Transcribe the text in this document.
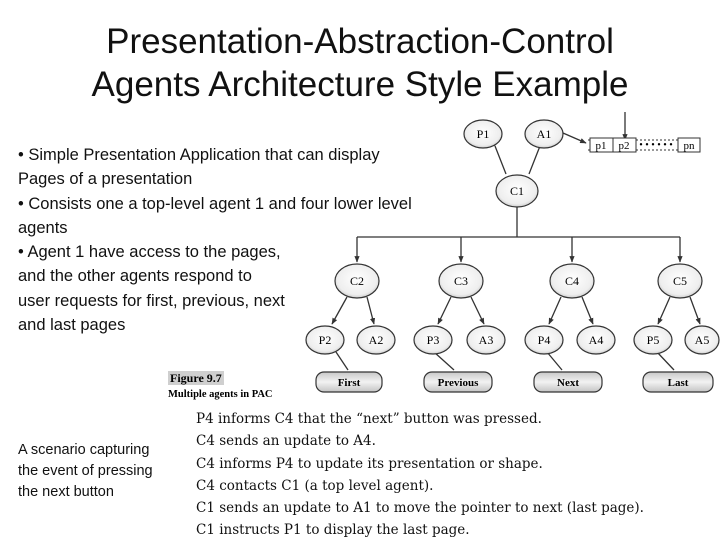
Presentation-Abstraction-Control
Agents Architecture Style Example
• Simple Presentation Application that can display
Pages of a presentation
• Consists one a top-level agent 1 and four lower level
agents
• Agent 1 have access to the pages,
and the other agents respond to
user requests for first, previous, next
and last pages
P1	A1
C1
p1 p2 • • • • • • pn
C2	C3	C4	C5
P2	A2	P3	A3	P4	A4	P5	A5
First	Previous	Next	Last
Figure 9.7
Multiple agents in PAC
A scenario capturing
the event of pressing
the next button
P4 informs C4 that the “next” button was pressed.
C4 sends an update to A4.
C4 informs P4 to update its presentation or shape.
C4 contacts C1 (a top level agent).
C1 sends an update to A1 to move the pointer to next (last page).
C1 instructs P1 to display the last page.
